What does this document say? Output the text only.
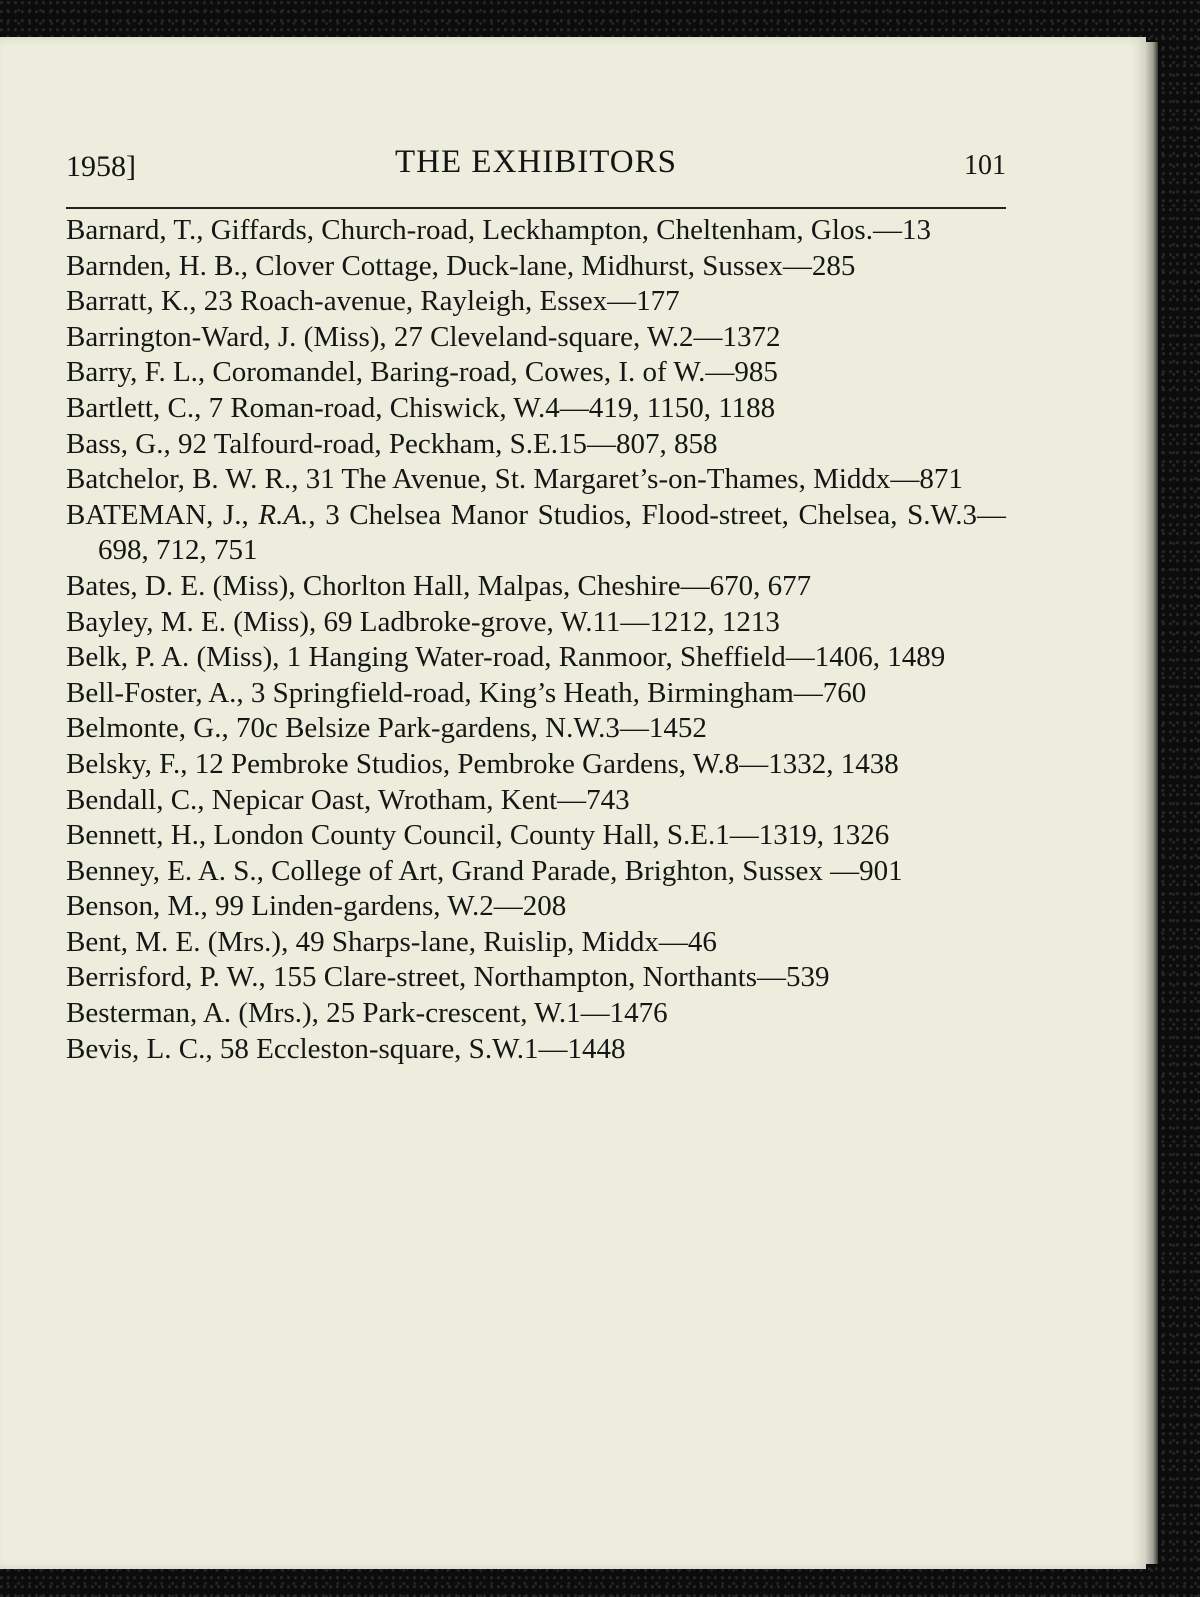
1958]	THE EXHIBITORS	101
Barnard, T., Giffards, Church-road, Leckhampton, Cheltenham, Glos.—13
Barnden, H. B., Clover Cottage, Duck-lane, Midhurst, Sussex—285
Barratt, K., 23 Roach-avenue, Rayleigh, Essex—177
Barrington-Ward, J. (Miss), 27 Cleveland-square, W.2—1372
Barry, F. L., Coromandel, Baring-road, Cowes, I. of W.—985
Bartlett, C., 7 Roman-road, Chiswick, W.4—419, 1150, 1188
Bass, G., 92 Talfourd-road, Peckham, S.E.15—807, 858
Batchelor, B. W. R., 31 The Avenue, St. Margaret’s-on-Thames, Middx—871
BATEMAN, J., R.A., 3 Chelsea Manor Studios, Flood-street, Chelsea, S.W.3—698, 712, 751
Bates, D. E. (Miss), Chorlton Hall, Malpas, Cheshire—670, 677
Bayley, M. E. (Miss), 69 Ladbroke-grove, W.11—1212, 1213
Belk, P. A. (Miss), 1 Hanging Water-road, Ranmoor, Sheffield—1406, 1489
Bell-Foster, A., 3 Springfield-road, King’s Heath, Birmingham—760
Belmonte, G., 70c Belsize Park-gardens, N.W.3—1452
Belsky, F., 12 Pembroke Studios, Pembroke Gardens, W.8—1332, 1438
Bendall, C., Nepicar Oast, Wrotham, Kent—743
Bennett, H., London County Council, County Hall, S.E.1—1319, 1326
Benney, E. A. S., College of Art, Grand Parade, Brighton, Sussex —901
Benson, M., 99 Linden-gardens, W.2—208
Bent, M. E. (Mrs.), 49 Sharps-lane, Ruislip, Middx—46
Berrisford, P. W., 155 Clare-street, Northampton, Northants—539
Besterman, A. (Mrs.), 25 Park-crescent, W.1—1476
Bevis, L. C., 58 Eccleston-square, S.W.1—1448
